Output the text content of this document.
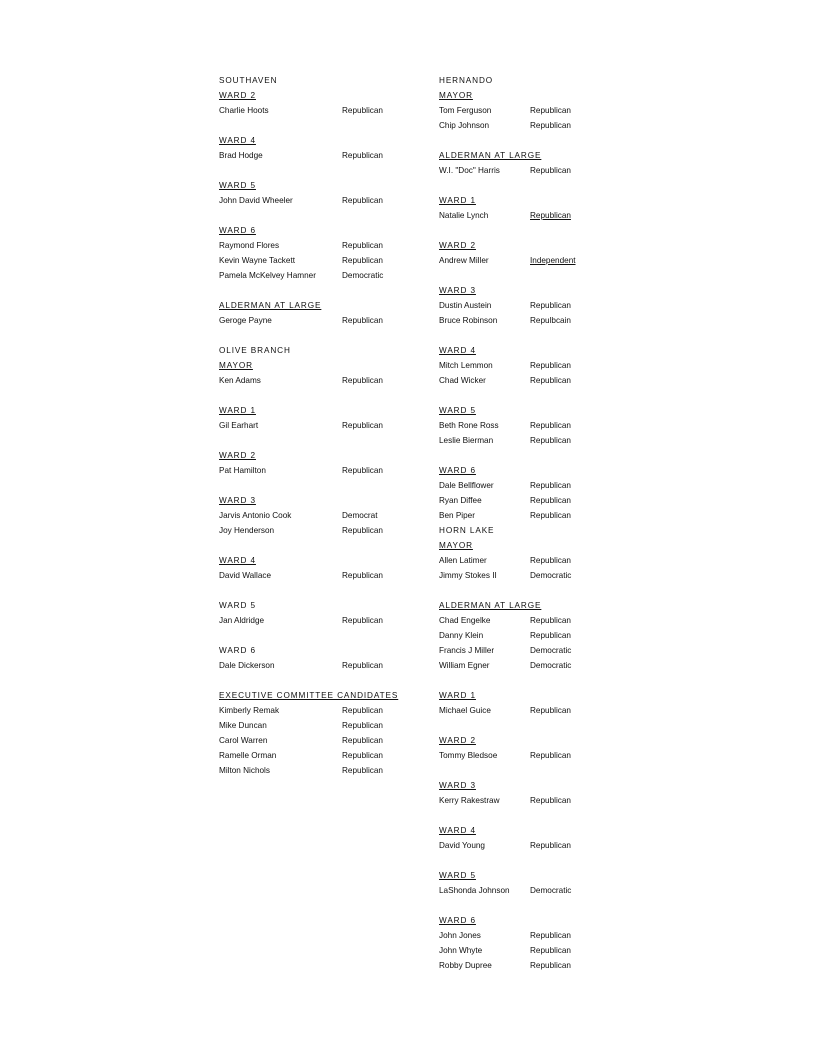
SOUTHAVEN
WARD 2
Charlie Hoots	Republican
WARD 4
Brad Hodge	Republican
WARD 5
John David Wheeler	Republican
WARD 6
Raymond Flores	Republican
Kevin Wayne Tackett	Republican
Pamela McKelvey Hamner	Democratic
ALDERMAN AT LARGE
Geroge Payne	Republican
OLIVE BRANCH
MAYOR
Ken Adams	Republican
WARD 1
Gil Earhart	Republican
WARD 2
Pat Hamilton	Republican
WARD 3
Jarvis Antonio Cook	Democrat
Joy Henderson	Republican
WARD 4
David Wallace	Republican
WARD 5
Jan Aldridge	Republican
WARD 6
Dale Dickerson	Republican
EXECUTIVE COMMITTEE CANDIDATES
Kimberly Remak	Republican
Mike Duncan	Republican
Carol Warren	Republican
Ramelle Orman	Republican
Milton Nichols	Republican
HERNANDO
MAYOR
Tom Ferguson	Republican
Chip Johnson	Republican
ALDERMAN AT LARGE
W.I. "Doc" Harris	Republican
WARD 1
Natalie Lynch	Republican
WARD 2
Andrew Miller	Independent
WARD 3
Dustin Austein	Republican
Bruce Robinson	Repulbcain
WARD 4
Mitch Lemmon	Republican
Chad Wicker	Republican
WARD 5
Beth Rone Ross	Republican
Leslie Bierman	Republican
WARD 6
Dale Bellflower	Republican
Ryan Diffee	Republican
Ben Piper	Republican
HORN LAKE
MAYOR
Allen Latimer	Republican
Jimmy Stokes II	Democratic
ALDERMAN AT LARGE
Chad Engelke	Republican
Danny Klein	Republican
Francis J Miller	Democratic
William Egner	Democratic
WARD 1
Michael Guice	Republican
WARD 2
Tommy Bledsoe	Republican
WARD 3
Kerry Rakestraw	Republican
WARD 4
David Young	Republican
WARD 5
LaShonda Johnson Democratic
WARD 6
John Jones	Republican
John Whyte	Republican
Robby Dupree	Republican
